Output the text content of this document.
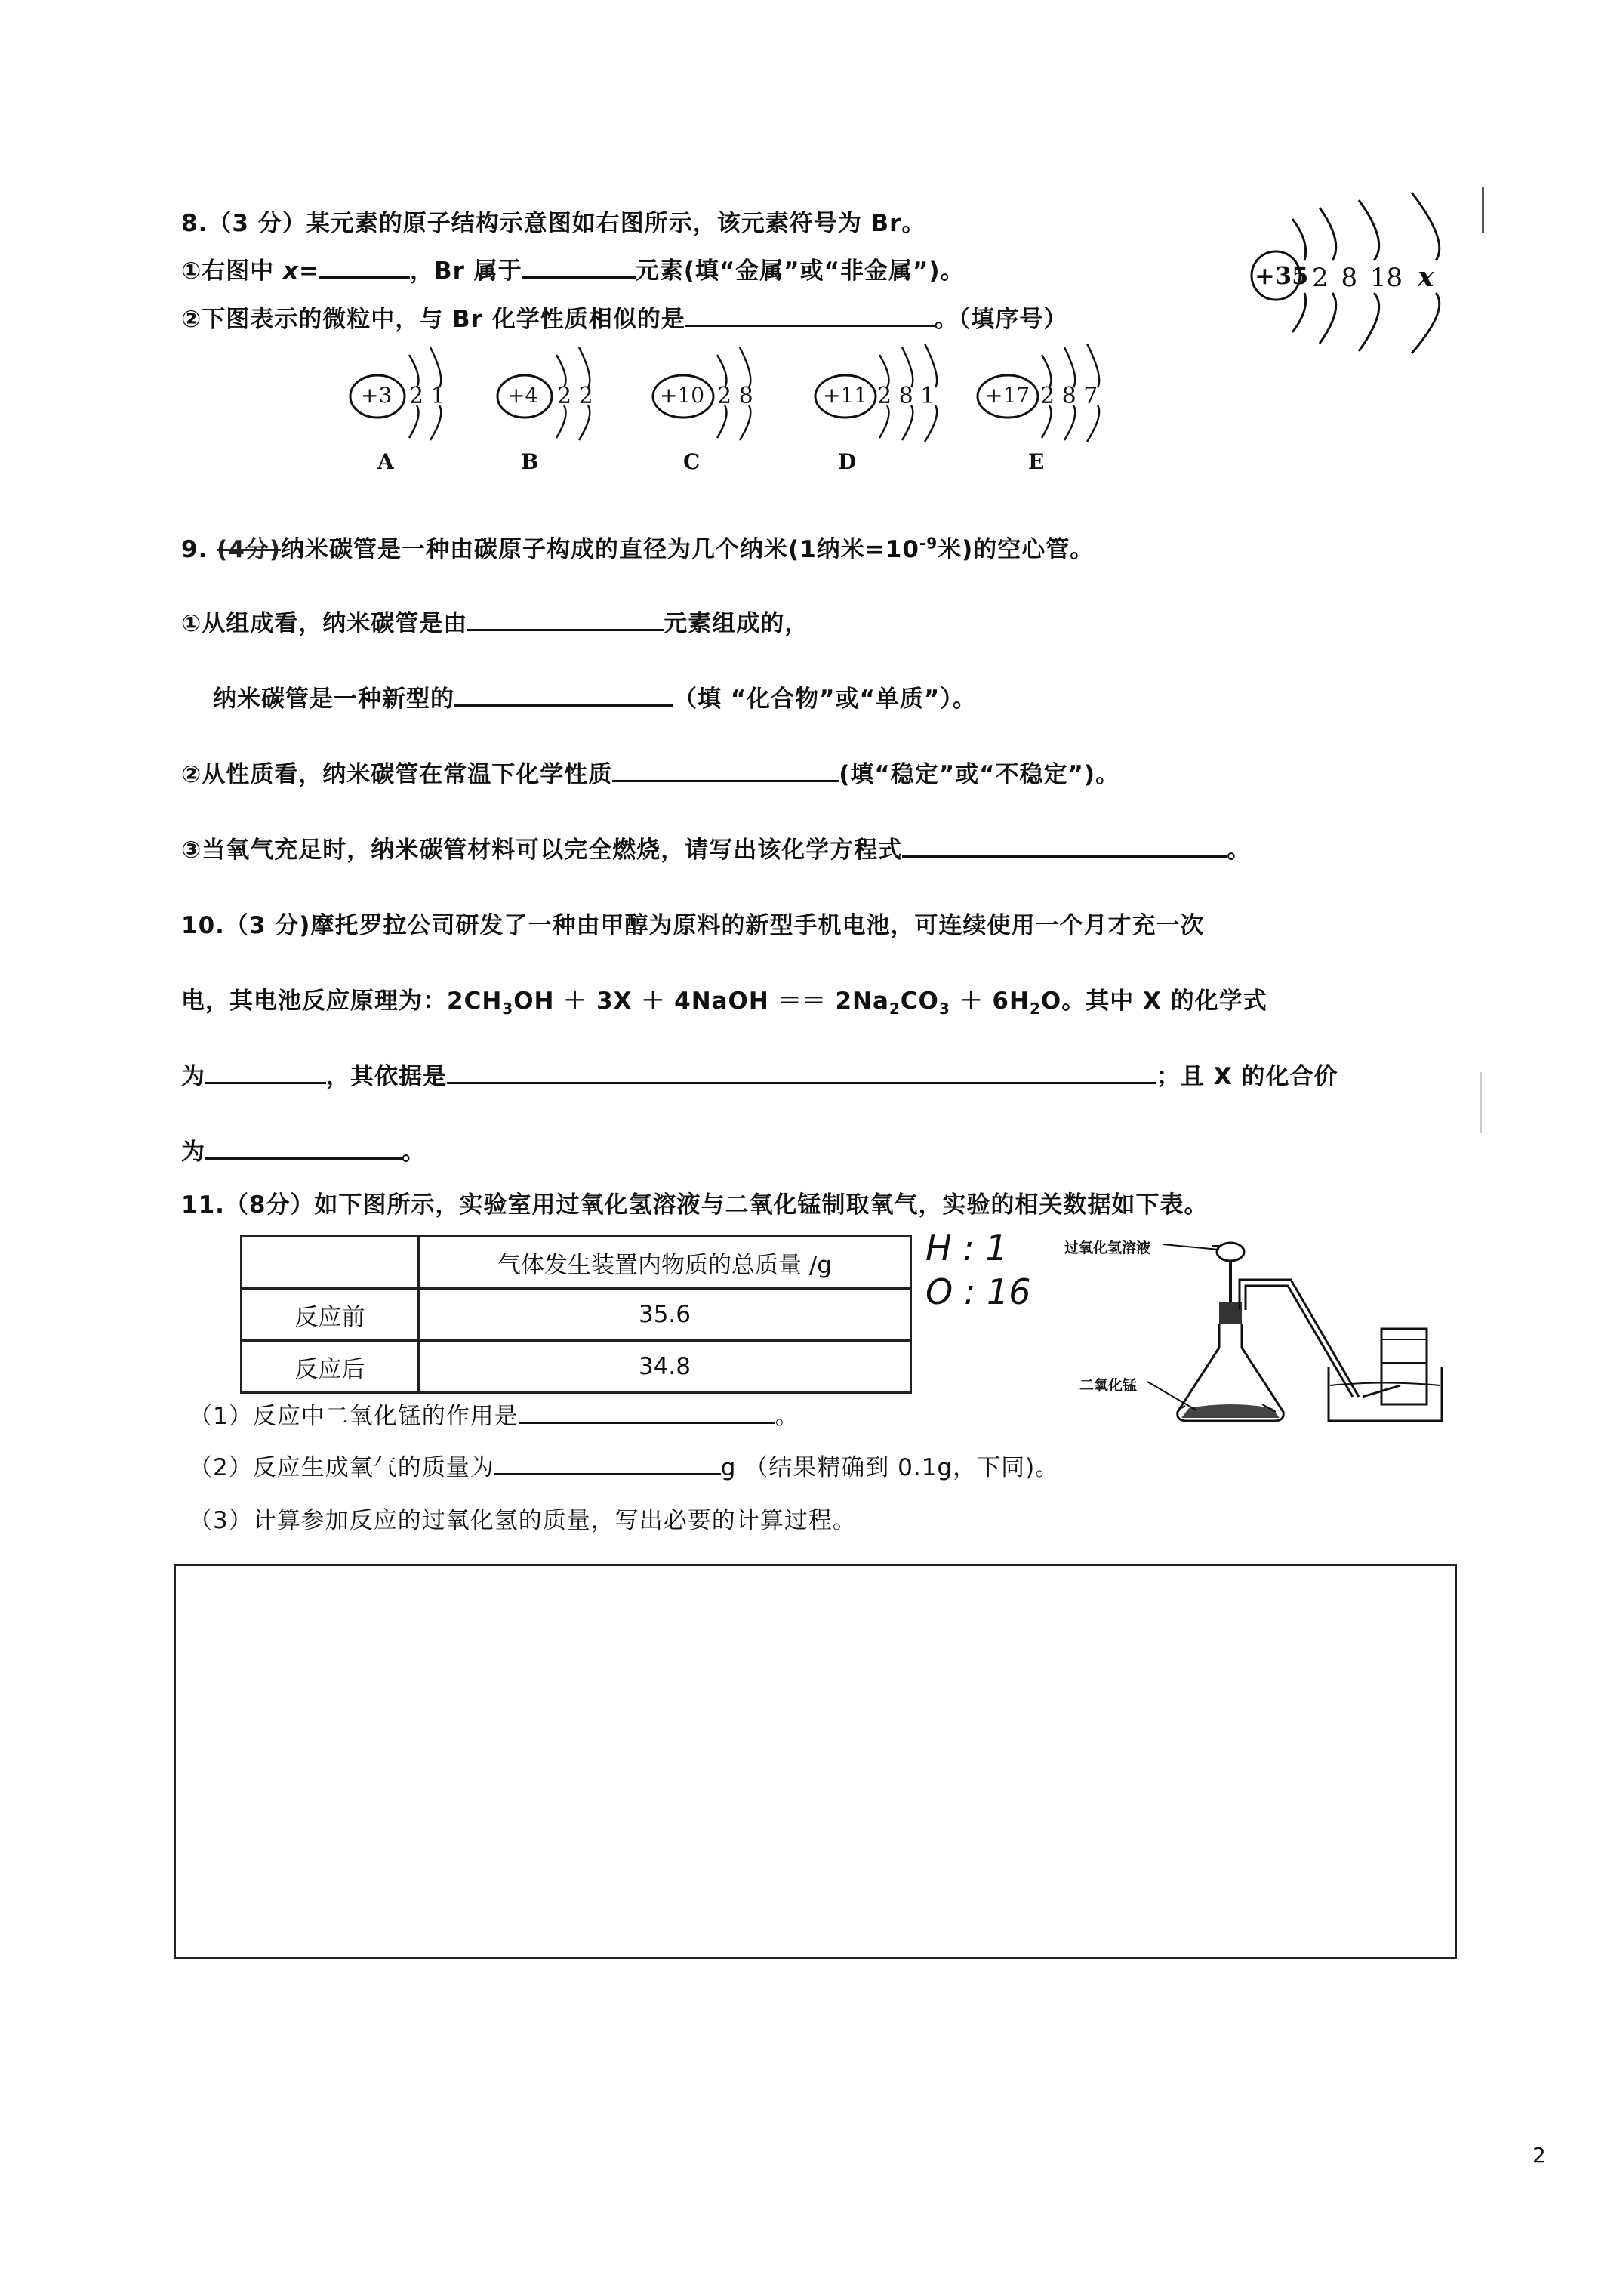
8.（3 分）某元素的原子结构示意图如右图所示，该元素符号为 Br。
①右图中 x=	，Br 属于	元素(填“金属”或“非金属”)。
②下图表示的微粒中，与 Br 化学性质相似的是	。（填序号）
+35 2 8 18 x
+3 2 1
A
+4 2 2
B
+10 2 8
C
+11 2 8 1
D
+17 2 8 7
E
9. (4分)纳米碳管是一种由碳原子构成的直径为几个纳米(1纳米$=10^{-9}$米)的空心管。
①从组成看，纳米碳管是由	元素组成的，
纳米碳管是一种新型的	（填 “化合物”或“单质”）。
②从性质看，纳米碳管在常温下化学性质	(填“稳定”或“不稳定”)。
③当氧气充足时，纳米碳管材料可以完全燃烧，请写出该化学方程式	。
10.（3 分)摩托罗拉公司研发了一种由甲醇为原料的新型手机电池，可连续使用一个月才充一次
电，其电池反应原理为：$2CH_3OH + 3X$ ＋ 4NaOH ＝＝ $2Na_2CO_3 + 6H_2O$。其中 X 的化学式
为	，其依据是	；且 X 的化合价
为	。
11.（8分）如下图所示，实验室用过氧化氢溶液与二氧化锰制取氧气，实验的相关数据如下表。
	气体发生装置内物质的总质量 /g
反应前	35.6
反应后	34.8
H : 1
O : 16
过氧化氢溶液
二氧化锰
（1）反应中二氧化锰的作用是	。
（2）反应生成氧气的质量为	g （结果精确到 0.1g，下同)。
（3）计算参加反应的过氧化氢的质量，写出必要的计算过程。
2
